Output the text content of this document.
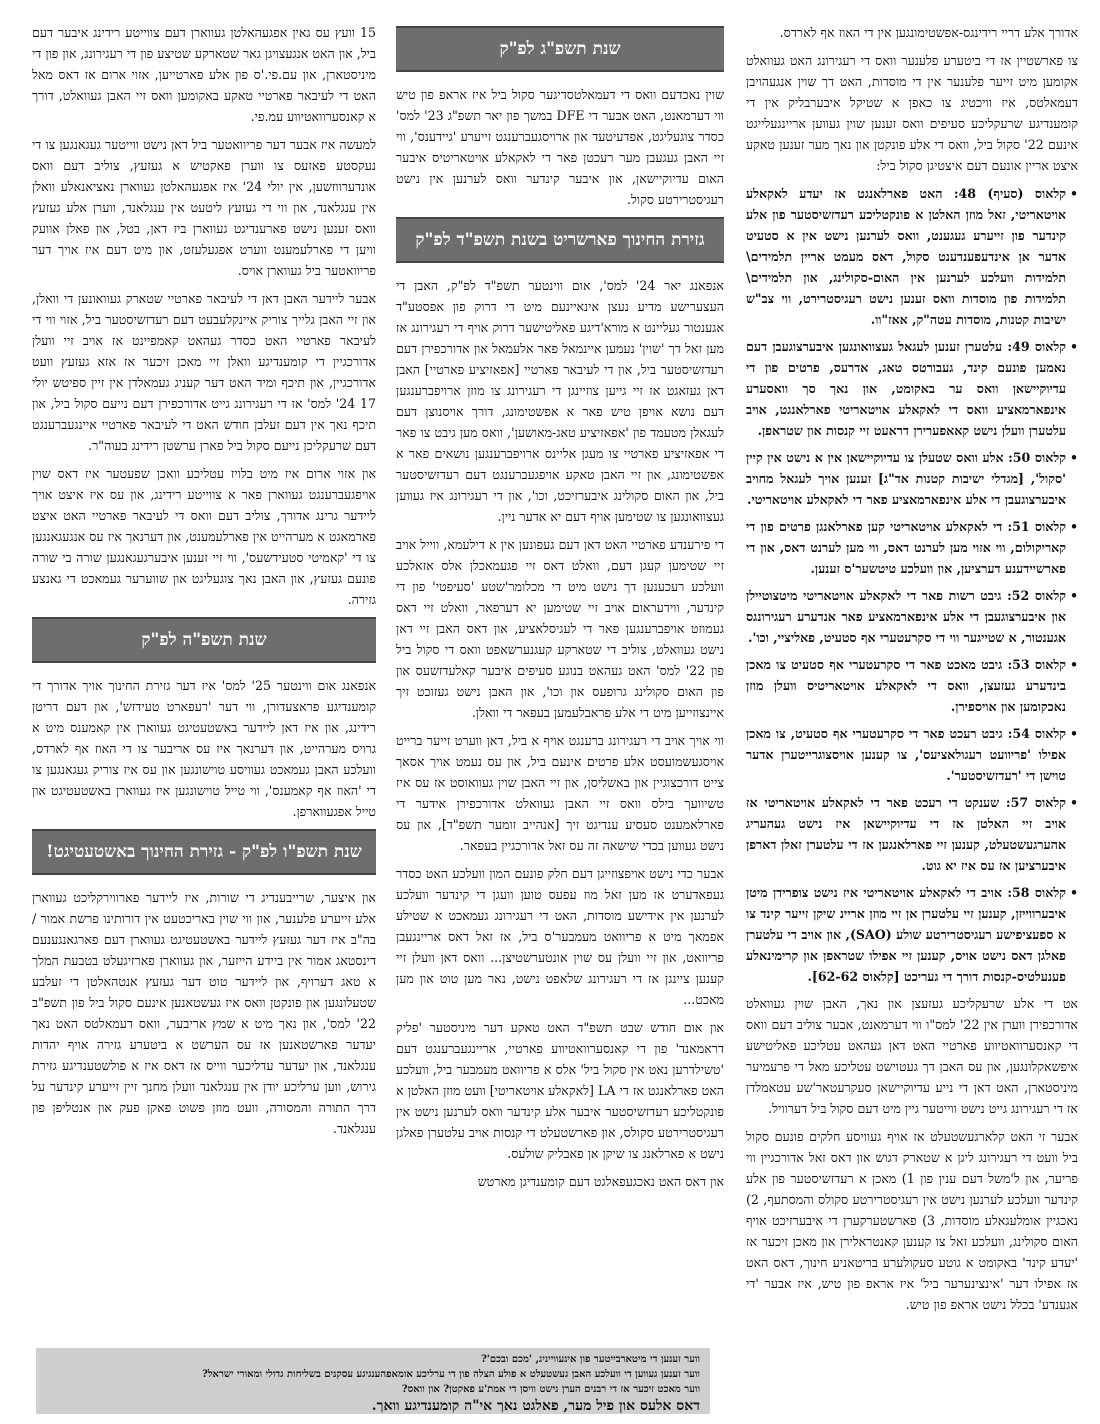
אדורך אלע דריי רידינגס-אפשטימונגען אין די האוז אף לארדס.

צו פארשטיין אז די ביטערע פלענער וואס די רעגירונג האט געוואלט אקומען מיט זייער פלענער אין די מוסדות, האט דך שוין אנגעהויבן דעמאלטס, איז וויכטיג צו כאפן א שטיקל איבערבליק אין די קומענדיגע שרעקליכע סעיפים וואס זענען שוין געווען אריינגעלייגט אינעם 22' סקול ביל, וואס די אלע פונקטן און נאך מער זענען טאקע איצט אריין אונעם דעם איצטיגן סקול ביל:

• קלאוס (סעיף) 48: האט פארלאנגט אז יעדע לאקאלע אויטאריטי, זאל מוזן האלטן א פונקטליכע רעדזשיסטער פון אלע קינדער פון זייערע געגענט, וואס לערנען נישט אין א סטעיט אדער אן אינדעפענדענט סקול, דאס מעמט אריין תלמידים\ תלמידות וועלכע לערנען אין האום-סקולינג, און תלמידים\ תלמידות פון מוסדות וואס זענען נישט רעגיסטרירט, ווי צב"ש ישיבות קטנות, מוסדות עטה"ק, אאז"וו.
• קלאוס 49: עלטערן זענען לעגאל געצוואונגען איבערצוגעבן דעם נאמען פונעם קינד, געבורטס טאג, אדרעס, פרטים פון די עדיוקיישאן וואס ער באקומט, און נאך סך וואסערע אינפארמאציע וואס די לאקאלע אויטאריטי פארלאנגט, אויב עלטערן וועלן נישט קאאפערירן דראעט זיי קנסות און שטראפן.
• קלאוס 50: אלע וואס שטעלן צו עדיוקיישאן אין א נישט אין קיין 'סקול', [מגדלי ישיבות קטנות אד"ג] זענען אויך לעגאל מחויב איבערצוגעבן די אלע אינפארמאציע פאר די לאקאלע אויטאריטי.
• קלאוס 51: די לאקאלע אויטאריטי קען פארלאנגן פרטים פון די קאריקולום, ווי אזוי מען לערנט דאס, ווי מען לערנט דאס, און די פארשיידענע דערציען, און וועלכע טיטשער'ס זענען.
• קלאוס 52: גיבט רשות פאר די לאקאלע אויטאריטי מיטצוטיילן און איבערצוגעבן די אלע אינפארמאציע פאר אנדערע רעגירונגס אגענטור, א שטייגער ווי די סקרעטערי אף סטעיט, פאליציי, וכו'.
• קלאוס 53: גיבט מאכט פאר די סקרעטערי אף סטעיט צו מאכן בינדערע געזעצן, וואס די לאקאלע אויטאריטיס וועלן מוזן נאכקומען און אויספירן.
• קלאוס 54: גיבט רעכט פאר די סקרעטערי אף סטעיט, צו מאכן אפילו 'פריוועט רעגולאציעס', צו קענען אויסצוגרייטערן אדער טוישן די 'רעדזשיסטער'.
• קלאוס 57: שענקט די רעכט פאר די לאקאלע אויטאריטי אז אויב זיי האלטן אז די עדיוקיישאן איז נישט געהעריג אהערגעשטעלט, קענען זיי פארלאנגען אז די עלטערן זאלן דארפן איבערציען אז עס איז יא גוט.
• קלאוס 58: אויב די לאקאלע אויטאריטי איז נישט צופרידן מיטן איבערווייזן, קענען זיי עלטערן אן זיי מוזן אריינ שיקן זייער קינד צו א ספעציפישע רעגיסטרירטע שולע (SAO), און אויב די עלטערן פאלגן דאס נישט אויס, קענען זיי אפילו שטראפן און קרימינאלע פענעלטיס-קנסות דורך די געריכט [קלאוס 62-62].

אט די אלע שרעקליכע געזעצן און נאך, האבן שוין געוואלט אדורכפירן ווערן אין 22' למס"ו ווי דערמאנט, אבער צוליב דעם וואס די קאנסערוואטיווע פארטיי האט דאן געהאט עטליכע פאליטישע איפשאקלונגען, און עס האבן דך געטוישט עטליכע מאל די פרעמיער מיניסטארן, האט דאן די נייע עדיוקיישאן סעקרעטאר'שע עטאמלדן אז די רעגירונג גייט נישט ווייטער גיין מיט דעם סקול ביל דערוויל.

אבער זי האט קלארגעשטעלט אז אויף געוויסע חלקים פונעם סקול ביל וועט די רעגירונג ליגן א שטארק דגוש און דאס זאל אדורכגיין ווי פריער, און ל'משל דעם ענין פון 1) מאכן א רעדזשיסטער פון אלע קינדער וועלכע לערנען נישט אין רעגיסטרירטע סקולס והמסתעף, 2) נאכגיין אומלעגאלע מוסדות, 3) פארשטערקערן די איבערזיכט אויף האום סקולינג, וועלכע זאל צו קענען קאנטראלירן און מאכן זיכער אז 'יעדע קינד' באקומט א גוטע סעקולערע בריטאניע חינוך, דאס האט אז אפילו דער 'אינצינערער ביל' איז אראפ פון טיש, איז אבער 'די אגענדע' בכלל נישט אראפ פון טיש.

שנת תשפ"ג לפ"ק

שוין נאכדעם וואס די דעמאלטסדיגער סקול ביל איז אראפ פון טיש ווי דערמאנט, האט אבער די DFE במשך פון יאר תשפ"ג 23' למס' כסדר צוגעליגט, אפדעיטעד און ארויסגעברענגט זייערע 'גיידענס', ווי זיי האבן געגעבן מער רעכטן פאר די לאקאלע אויטאריטיס איבער האום עדיוקיישאן, און איבער קינדער וואס לערנען אין נישט רעגיסטרירטע סקול.

גזירת החינוך פארשריט בשנת תשפ"ד לפ"ק

אנפאנג יאר 24' למס', אום ווינטער תשפ"ד לפ"ק, האבן די העצערישע מדיע נעצן אינאיינעם מיט די דרוק פון אפסטע"ד אגענטור געליינט א מורא'דיגע פאליטישער דרוק אויף די רעגירונג אז מען זאל דך 'שוין' נעמען איינמאל פאר אלעמאל און אדורכפירן דעם רעדזשיסטער ביל, און די לעיבאר פארטיי [אפאזיציע פארטיי] האבן דאן געזאגט אז זיי גייען צוזיינגן די רעגירונג צו מוזן ארויפברענגען דעם נושא אויפן טיש פאר א אפשטימונג, דורך אויסנוצן דעם לעגאלן מטעמד פון 'אפאזיציע טאג-מאושען', וואס מען גיבט צו פאר די אפאזיציע פארטיי צו מעגן אליינס ארויפברענגען נושאים פאר א אפשטימונג, און זיי האבן טאקע אויפגעברענגט דעם רעדזשיסטער ביל, און האום סקולינג איבערזיכט, וכו', און די רעגירונג איז געווען געצוואונגען צו שטימען אויף דעם יא אדער ניין.

די פירענדע פארטיי האט דאן דעם געפונען אין א דילעמא, ווייל אויב זיי שטימען קעגן דעם, וואלט דאס זיי פגעמאכלן אלס אזאלכע וועלכע רעכענען דך נישט מיט די מכלומר'שטע 'סעיפטי' פון די קינדער, ווידעראום אויב זיי שטימען יא דערפאר, וואלט זיי דאס געמוזט אויפברענגען פאר די לעגיסלאציע, און דאס האבן זיי דאן נישט געוואלט, צוליב די שטארקע קעגנערשאפט וואס די סקול ביל פון 22' למס' האט געהאט בנוגע סעיפים איבער קאלעדזשעס און פון האום סקולינג גרופעס און וכו', און האבן נישט געזוכט זיך איינצוזייען מיט די אלע פראבלעמען בעפאר די וואלן.

ווי אויך אויב די רעגירונג ברענגט אויף א ביל, דאן ווערט זייער ברייט אויסגעשמועסט אלע פרטים אינעם ביל, און עס נעמט אויך אסאך צייט דורכצוגיין און באשליסן, און זיי האבן שוין געוואוסט אז עס איז טשיוועך בילס וואס זיי האבן געוואלט אדורכפירן אידער די פארלאמענט סעסיע ענדיגט זיך [אנהייב זומער תשפ"ד], און עס נישט געווען בכדי שישאה זה עס זאל אדורכגיין בעפאר.

אבער כדי נישט אויפצוזייגן דעם חלק פונעם המון וועלכע האט כסדר געפאדערט אז מען זאל מוז עפעס טוען וועגן די קינדער וועלכע לערנען אין אידישע מוסדות, האט די רעגירונג געמאכט א שטילע אפמאך מיט א פריוואט מעמבער'ס ביל, אז זאל דאס אריינגעבן פריוואט, און זיי וועלן עס שוין אונטערשטיצן... וואס דאן וועלן זיי קענען ציינגן אז די רעגירונג שלאפט נישט, נאר מען טוט און מען מאכט...

און אום חודש שבט תשפ"ד האט טאקע דער מיניסטער 'פליק דראמאנד' פון די קאנסערוואטיווע פארטיי, אריינגעברענגט דעם 'טשילדרען נאט אין סקול ביל' אלס א פריוואט מעמבער ביל, וועלכע האט פארלאנגט אז די LA [לאקאלע אויטאריטי] וועט מוזן האלטן א פונקטליכע רעדזשיסטער איבער אלע קינדער וואס לערנען נישט אין רעגיסטרירטע סקולס, און פארשטעלט די קנסות אויב עלטערן פאלגן נישט א פארלאנג צו שיקן אן פאבליק שולעס.

און דאס האט נאכגעפאלגט דעם קומענדיגן מארטש

15 וועץ עס גאין אפגעהאלטן געווארן דעם צווייטע רידינג איבער דעם ביל, און האט אנגעצויגן גאר שטארקע שטיצע פון די רעגירונג, און פון די מיניסטארן, און עם.פי.'ס פון אלע פארטייען, אזוי ארום אז דאס מאל האט די לעיבאר פארטיי טאקע באקומען וואס זיי האבן געוואלט, דורך א קאנסערוואטיווע עמ.פי.

למעשה איז אבער דער פריוואטער ביל דאן נישט ווייטער געגאנגען צו די נעקסטע פאזעס צו ווערן פאקטיש א געזעץ, צוליב דעם וואס אונדערווזשען, אין יולי 24' איז אפגעהאלטן געווארן נאציאנאלע וואלן אין ענגלאנד, און ווי די געזעץ ליטעט אין ענגלאנד, ווערן אלע געזעץ וואס זענען נישט פארענדיגט געווארן ביז דאן, בטל, און פאלן אוועק וויען די פארלעמענט ווערט אפגעלעזט, און מיט דעם איז אויך דער פריוואטער ביל געווארן אויס.

אבער ליידער האבן דאן די לעיבאר פארטיי שטארק געוואונען די וואלן, און זיי האבן גלייך צוריק איינקלעבעט דעם רעדזשיסטער ביל, אזוי ווי די לעיבאר פארטיי האט כסדר געהאט קאמפיינט אז אויב זיי וועלן אדורכגיין די קומענדיגע וואלן זיי מאכן זיכער אז אזא געזעץ וועט אדורכגיין, און תיכף ומיד האט דער קעניג געמאלדן אין זיין ספיטש יולי 17 24' למס' אז די רעגירונג גייט אדורכפירן דעם נייעם סקול ביל, און תיכף נאך אין דעם זעלבן חודש האט די לעיבאר פארטיי איינגעברענגט דעם שרעקליכן נייעם סקול ביל פארן ערשטן רידינג בעוה"ר.

און אזוי ארום איז מיט בלויז עטליכע וואכן שפעטער איז דאס שוין אויפגעברענגט געווארן פאר א צווייטע רידינג, און עס איז איצט אויך ליידער גרינג אדורך, צוליב דעם וואס די לעיבאר פארטיי האט איצט פארמאגט א מערהייט אין פארלעמענט, און דערנאך איז עס אנגעגאנגען צו די 'קאמיטי סטעידשעס', ווי זיי זענען איבערגעגאנגען שורה בי שורה פונעם געזעץ, און האבן נאך צוגעליגט און שווערער געמאכט די גאנצע גזירה.

שנת תשפ"ה לפ"ק

אנפאנג אום ווינטער 25' למס' איז דער גזירת החינוך אויך אדורך די קומענדיגע פראצעדורן, ווי דער 'רעפארט טעידזש', און דעם דריטן רידינג, און איז דאן ליידער באשטעטיגט געווארן אין קאמענס מיט א גרויס מערהייט, און דערנאך איז עס אריבער צו די האוז אף לארדס, וועלכע האבן געמאכט געוויסע טוישונגען און עס איז צוריק געגאנגען צו די 'האוז אף קאמענס', ווי טייל טוישונגען איז געווארן באשטעטיגט און טייל אפגעווארפן.

שנת תשפ"ו לפ"ק - גזירת החינוך באשטעטיגט!

און איצער, שרייבענדיג די שורות, איז ליידער פארווירקליכט געווארן אלע זייערע פלענער, און ווי שוין באריכטעט אין דורותינו פרשת אמור / בה"ב איז דער געזעץ ליידער באשטעטיגט געווארן דעם פארגאנגענעם דינסטאג אמור אין ביידע הייזער, און געווארן פארזיגעלט בטבעת המלך א טאג דערויף, און ליידער טוט דער געזעץ אנטהאלטן די זעלבע שטעלונגען און פונקטן וואס איז געשטאנען אינעם סקול ביל פון תשפ"ב 22' למס', און נאך מיט א שמץ אריבער, וואס דעמאלטס האט נאך יעדער פארשטאנען אז עס הערשט א ביטערע גזירה אויף יהדות ענגלאנד, און יעדער עדליכער ווייס אז דאס איז א פולשטענדיגע גזירת גירוש, ווען ערליכע יודן אין ענגלאנד וועלן מחנך זיין זייערע קינדער על דרך התורה והמסורה, וועט מוזן פשוט פאקן פעק און אנטליפן פון ענגלאנד.

ווער זענען די מיטארבייטער פון אינעווייניג, 'מכם ובכם'?
ווער זענען געווען די וועלכע האבן געשטעלט א פולע הצלה פון די ערליכע אומאפהענגיגע עסקנים בשליחות גדולי ומאורי ישראל?
ווער מאכט זיכער אז די רבנים הערן נישט וויסן די אמת'ע פאקטן? און וואס?
דאס אלעס און פיל מער, פאלגט נאך אי"ה קומענדיגע וואך.
